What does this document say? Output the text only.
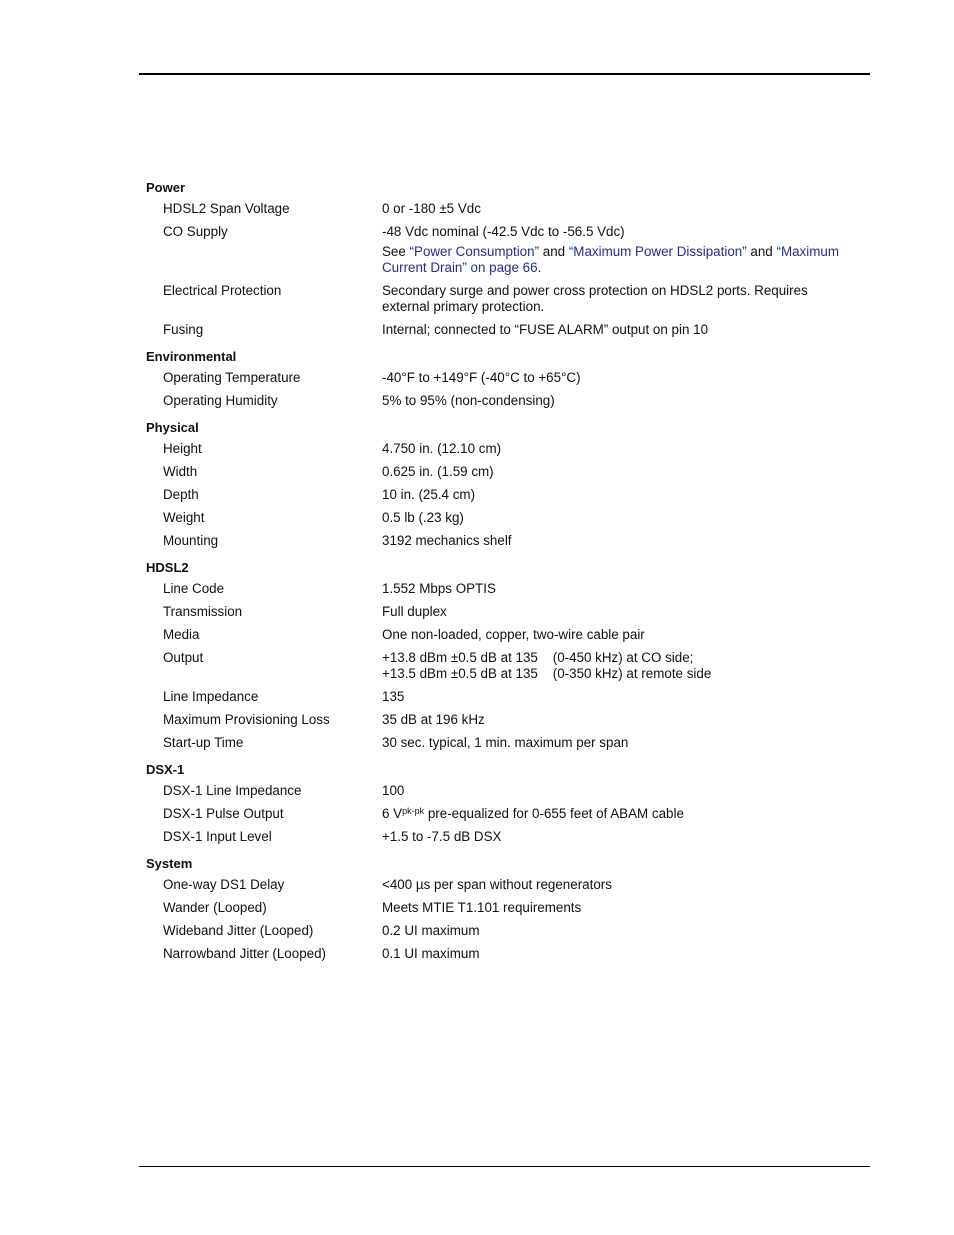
Power
HDSL2 Span Voltage	0 or -180 ±5 Vdc
CO Supply	-48 Vdc nominal (-42.5 Vdc to -56.5 Vdc)
See “Power Consumption” and “Maximum Power Dissipation” and “Maximum Current Drain” on page 66.
Electrical Protection	Secondary surge and power cross protection on HDSL2 ports. Requires external primary protection.
Fusing	Internal; connected to “FUSE ALARM” output on pin 10
Environmental
Operating Temperature	-40°F to +149°F (-40°C to +65°C)
Operating Humidity	5% to 95% (non-condensing)
Physical
Height	4.750 in. (12.10 cm)
Width	0.625 in. (1.59 cm)
Depth	10 in. (25.4 cm)
Weight	0.5 lb (.23 kg)
Mounting	3192 mechanics shelf
HDSL2
Line Code	1.552 Mbps OPTIS
Transmission	Full duplex
Media	One non-loaded, copper, two-wire cable pair
Output	+13.8 dBm ±0.5 dB at 135    (0-450 kHz) at CO side;
+13.5 dBm ±0.5 dB at 135    (0-350 kHz) at remote side
Line Impedance	135
Maximum Provisioning Loss	35 dB at 196 kHz
Start-up Time	30 sec. typical, 1 min. maximum per span
DSX-1
DSX-1 Line Impedance	100
DSX-1 Pulse Output	6 $V^{pk-pk}$ pre-equalized for 0-655 feet of ABAM cable
DSX-1 Input Level	+1.5 to -7.5 dB DSX
System
One-way DS1 Delay	<400 µs per span without regenerators
Wander (Looped)	Meets MTIE T1.101 requirements
Wideband Jitter (Looped)	0.2 UI maximum
Narrowband Jitter (Looped)	0.1 UI maximum
